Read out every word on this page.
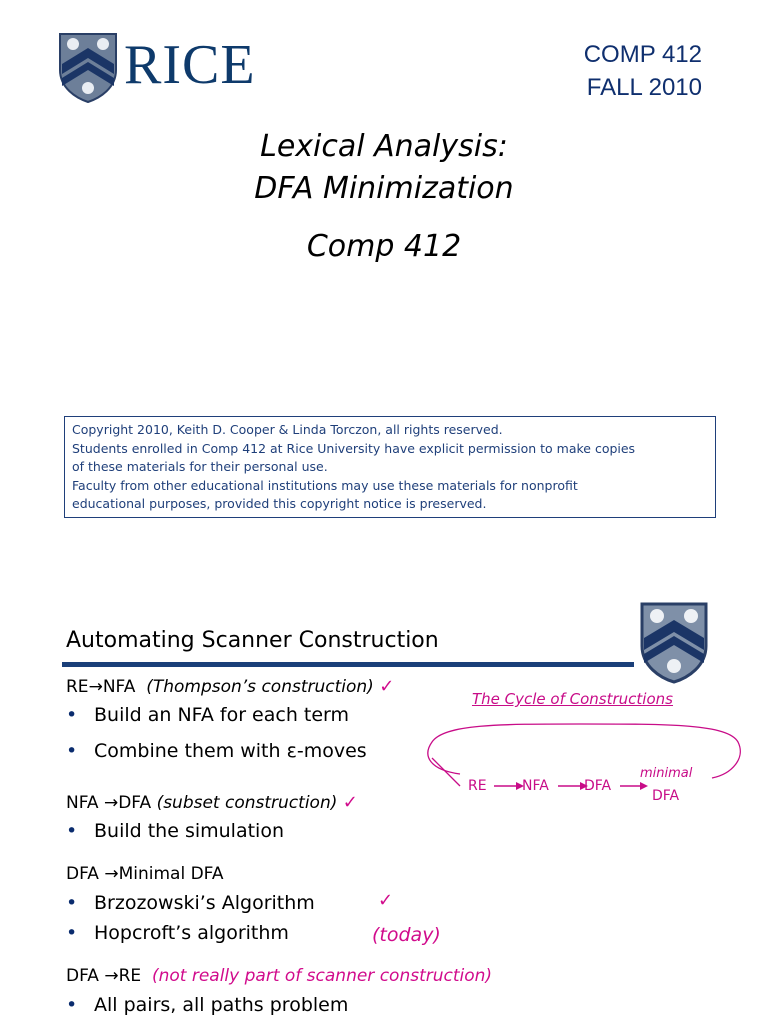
RICE	COMP 412
FALL 2010
Lexical Analysis:
DFA Minimization
Comp 412
Copyright 2010, Keith D. Cooper & Linda Torczon, all rights reserved.
Students enrolled in Comp 412 at Rice University have explicit permission to make copies
of these materials for their personal use.
Faculty from other educational institutions may use these materials for nonprofit
educational purposes, provided this copyright notice is preserved.
Automating Scanner Construction
RE→NFA (Thompson’s construction) ✓
• Build an NFA for each term
• Combine them with ε-moves
NFA →DFA (subset construction) ✓
• Build the simulation
DFA →Minimal DFA
• Brzozowski’s Algorithm	✓
• Hopcroft’s algorithm	(today)
DFA →RE (not really part of scanner construction)
• All pairs, all paths problem
The Cycle of Constructions
RE	NFA	DFA
minimal
DFA
